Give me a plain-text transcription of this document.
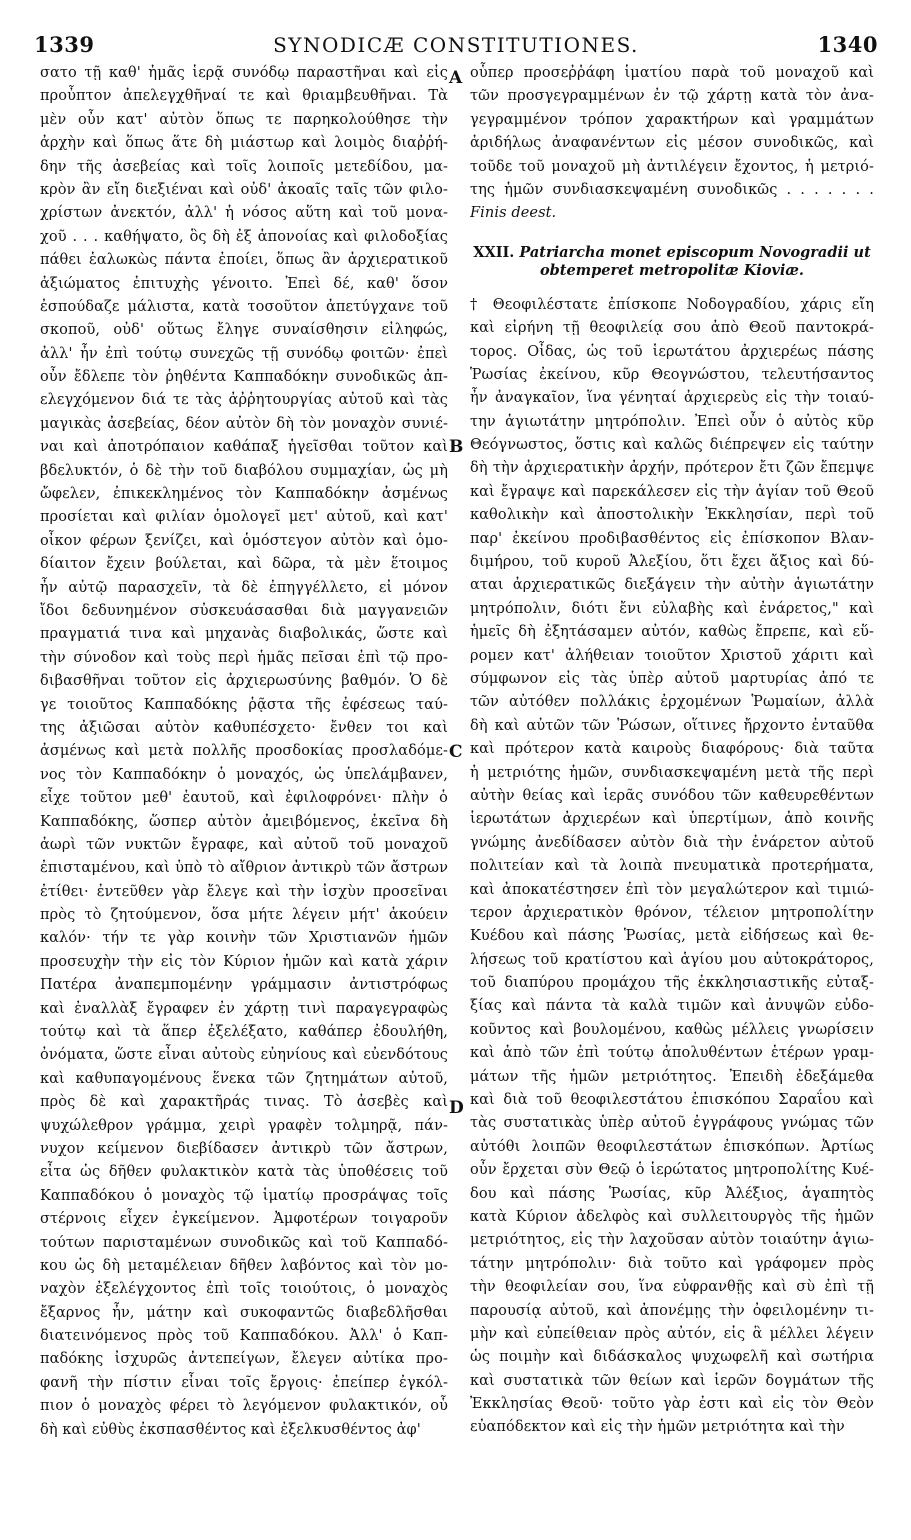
1339	SYNODICÆ CONSTITUTIONES.	1340
σατο τῇ καθ' ἡμᾶς ἱερᾷ συνόδῳ παραστῆναι καὶ εἰς
προὖπτον ἀπελεγχθῆναί τε καὶ θριαμβευθῆναι. Τὰ
μὲν οὖν κατ' αὐτὸν ὅπως τε παρηκολούθησε τὴν
ἀρχὴν καὶ ὅπως ἅτε δὴ μιάστωρ καὶ λοιμὸς διαῤῥή-
δην τῆς ἀσεβείας καὶ τοῖς λοιποῖς μετεδίδου, μα-
κρὸν ἂν εἴη διεξιέναι καὶ οὐδ' ἀκοαῖς ταῖς τῶν φιλο-
χρίστων ἀνεκτόν, ἀλλ' ἡ νόσος αὕτη καὶ τοῦ μονα-
χοῦ . . . καθήψατο, ὃς δὴ ἐξ ἀπονοίας καὶ φιλοδοξίας
πάθει ἑαλωκὼς πάντα ἐποίει, ὅπως ἂν ἀρχιερατικοῦ
ἀξιώματος ἐπιτυχὴς γένοιτο. Ἐπεὶ δέ, καθ' ὅσον
ἐσπούδαζε μάλιστα, κατὰ τοσοῦτον ἀπετύγχανε τοῦ
σκοποῦ, οὐδ' οὕτως ἔληγε συναίσθησιν εἰληφώς,
ἀλλ' ἦν ἐπὶ τούτῳ συνεχῶς τῇ συνόδῳ φοιτῶν· ἐπεὶ
οὖν ἔδλεπε τὸν ῥηθέντα Καππαδόκην συνοδικῶς ἀπ-
ελεγχόμενον διά τε τὰς ἀῤῥητουργίας αὐτοῦ καὶ τὰς
μαγικὰς ἀσεβείας, δέον αὐτὸν δὴ τὸν μοναχὸν συνιέ-
ναι καὶ ἀποτρόπαιον καθάπαξ ἡγεῖσθαι τοῦτον καὶ
βδελυκτόν, ὁ δὲ τὴν τοῦ διαβόλου συμμαχίαν, ὡς μὴ
ὤφελεν, ἐπικεκλημένος τὸν Καππαδόκην ἀσμένως
προσίεται καὶ φιλίαν ὁμολογεῖ μετ' αὐτοῦ, καὶ κατ'
οἶκον φέρων ξενίζει, καὶ ὁμόστεγον αὐτὸν καὶ ὁμο-
δίαιτον ἔχειν βούλεται, καὶ δῶρα, τὰ μὲν ἕτοιμος
ἦν αὐτῷ παρασχεῖν, τὰ δὲ ἐπηγγέλλετο, εἰ μόνον
ἴδοι δεδυνημένον σὐσκευάσασθαι διὰ μαγγανειῶν
πραγματιά τινα καὶ μηχανὰς διαβολικάς, ὥστε καὶ
τὴν σύνοδον καὶ τοὺς περὶ ἡμᾶς πεῖσαι ἐπὶ τῷ προ-
διβασθῆναι τοῦτον εἰς ἀρχιερωσύνης βαθμόν. Ὁ δὲ
γε τοιοῦτος Καππαδόκης ῥᾷστα τῆς ἐφέσεως ταύ-
της ἀξιῶσαι αὐτὸν καθυπέσχετο· ἔνθεν τοι καὶ
ἀσμένως καὶ μετὰ πολλῆς προσδοκίας προσλαδόμε-
νος τὸν Καππαδόκην ὁ μοναχός, ὡς ὑπελάμβανεν,
εἶχε τοῦτον μεθ' ἑαυτοῦ, καὶ ἐφιλοφρόνει· πλὴν ὁ
Καππαδόκης, ὥσπερ αὐτὸν ἀμειβόμενος, ἐκεῖνα δὴ
ἀωρὶ τῶν νυκτῶν ἔγραφε, καὶ αὐτοῦ τοῦ μοναχοῦ
ἐπισταμένου, καὶ ὑπὸ τὸ αἴθριον ἀντικρὺ τῶν ἄστρων
ἐτίθει· ἐντεῦθεν γὰρ ἔλεγε καὶ τὴν ἰσχὺν προσεῖναι
πρὸς τὸ ζητούμενον, ὅσα μήτε λέγειν μήτ' ἀκούειν
καλόν· τήν τε γὰρ κοινὴν τῶν Χριστιανῶν ἡμῶν
προσευχὴν τὴν εἰς τὸν Κύριον ἡμῶν καὶ κατὰ χάριν
Πατέρα ἀναπεμπομένην γράμμασιν ἀντιστρόφως
καὶ ἐναλλὰξ ἔγραφεν ἐν χάρτῃ τινὶ παραγεγραφὼς
τούτῳ καὶ τὰ ἅπερ ἐξελέξατο, καθάπερ ἐδουλήθη,
ὀνόματα, ὥστε εἶναι αὐτοὺς εὐηνίους καὶ εὐενδότους
καὶ καθυπαγομένους ἕνεκα τῶν ζητημάτων αὐτοῦ,
πρὸς δὲ καὶ χαρακτῆράς τινας. Τὸ ἀσεβὲς καὶ
ψυχώλεθρον γράμμα, χειρὶ γραφὲν τολμηρᾷ, πάν-
νυχον κείμενον διεβίδασεν ἀντικρὺ τῶν ἄστρων,
εἶτα ὡς δῆθεν φυλακτικὸν κατὰ τὰς ὑποθέσεις τοῦ
Καππαδόκου ὁ μοναχὸς τῷ ἱματίῳ προσράψας τοῖς
στέρνοις εἶχεν ἐγκείμενον. Ἀμφοτέρων τοιγαροῦν
τούτων παρισταμένων συνοδικῶς καὶ τοῦ Καππαδό-
κου ὡς δὴ μεταμέλειαν δῆθεν λαβόντος καὶ τὸν μο-
ναχὸν ἐξελέγχοντος ἐπὶ τοῖς τοιούτοις, ὁ μοναχὸς
ἔξαρνος ἦν, μάτην καὶ συκοφαντῶς διαβεδλῆσθαι
διατεινόμενος πρὸς τοῦ Καππαδόκου. Ἀλλ' ὁ Καπ-
παδόκης ἰσχυρῶς ἀντεπείγων, ἔλεγεν αὐτίκα προ-
φανῆ τὴν πίστιν εἶναι τοῖς ἔργοις· ἐπείπερ ἐγκόλ-
πιον ὁ μοναχὸς φέρει τὸ λεγόμενον φυλακτικόν, οὗ
δὴ καὶ εὐθὺς ἐκσπασθέντος καὶ ἐξελκυσθέντος ἀφ'
οὗπερ προσεῤῥάφη ἱματίου παρὰ τοῦ μοναχοῦ καὶ
τῶν προσγεγραμμένων ἐν τῷ χάρτῃ κατὰ τὸν ἀνα-
γεγραμμένον τρόπον χαρακτήρων καὶ γραμμάτων
ἀριδήλως ἀναφανέντων εἰς μέσον συνοδικῶς, καὶ
τοῦδε τοῦ μοναχοῦ μὴ ἀντιλέγειν ἔχοντος, ἡ μετριό-
της ἡμῶν συνδιασκεψαμένη συνοδικῶς . . . . . . .
Finis deest.
XXII. Patriarcha monet episcopum Novogradii ut
obtemperet metropolitæ Kioviæ.
† Θεοφιλέστατε ἐπίσκοπε Νοδογραδίου, χάρις εἴη
καὶ εἰρήνη τῇ θεοφιλείᾳ σου ἀπὸ Θεοῦ παντοκρά-
τορος. Οἶδας, ὡς τοῦ ἱερωτάτου ἀρχιερέως πάσης
Ῥωσίας ἐκείνου, κῦρ Θεογνώστου, τελευτήσαντος
ἦν ἀναγκαῖον, ἵνα γένηταί ἀρχιερεὺς εἰς τὴν τοιαύ-
την ἁγιωτάτην μητρόπολιν. Ἐπεὶ οὖν ὁ αὐτὸς κῦρ
Θεόγνωστος, ὅστις καὶ καλῶς διέπρεψεν εἰς ταύτην
δὴ τὴν ἀρχιερατικὴν ἀρχήν, πρότερον ἔτι ζῶν ἔπεμψε
καὶ ἔγραψε καὶ παρεκάλεσεν εἰς τὴν ἁγίαν τοῦ Θεοῦ
καθολικὴν καὶ ἀποστολικὴν Ἐκκλησίαν, περὶ τοῦ
παρ' ἐκείνου προδιβασθέντος εἰς ἐπίσκοπον Βλαν-
διμήρου, τοῦ κυροῦ Ἀλεξίου, ὅτι ἔχει ἄξιος καὶ δύ-
αται ἀρχιερατικῶς διεξάγειν τὴν αὐτὴν ἁγιωτάτην
μητρόπολιν, διότι ἔνι εὐλαβὴς καὶ ἐνάρετος," καὶ
ἡμεῖς δὴ ἐξητάσαμεν αὐτόν, καθὼς ἔπρεπε, καὶ εὕ-
ρομεν κατ' ἀλήθειαν τοιοῦτον Χριστοῦ χάριτι καὶ
σύμφωνον εἰς τὰς ὑπὲρ αὐτοῦ μαρτυρίας ἀπό τε
τῶν αὐτόθεν πολλάκις ἐρχομένων Ῥωμαίων, ἀλλὰ
δὴ καὶ αὐτῶν τῶν Ῥώσων, οἵτινες ἤρχοντο ἐνταῦθα
καὶ πρότερον κατὰ καιροὺς διαφόρους· διὰ ταῦτα
ἡ μετριότης ἡμῶν, συνδιασκεψαμένη μετὰ τῆς περὶ
αὐτὴν θείας καὶ ἱερᾶς συνόδου τῶν καθευρεθέντων
ἱερωτάτων ἀρχιερέων καὶ ὑπερτίμων, ἀπὸ κοινῆς
γνώμης ἀνεδίδασεν αὐτὸν διὰ τὴν ἐνάρετον αὐτοῦ
πολιτείαν καὶ τὰ λοιπὰ πνευματικὰ προτερήματα,
καὶ ἀποκατέστησεν ἐπὶ τὸν μεγαλώτερον καὶ τιμιώ-
τερον ἀρχιερατικὸν θρόνον, τέλειον μητροπολίτην
Κυέδου καὶ πάσης Ῥωσίας, μετὰ εἰδήσεως καὶ θε-
λήσεως τοῦ κρατίστου καὶ ἁγίου μου αὐτοκράτορος,
τοῦ διαπύρου προμάχου τῆς ἐκκλησιαστικῆς εὐταξ-
ξίας καὶ πάντα τὰ καλὰ τιμῶν καὶ ἀνυψῶν εὐδο-
κοῦντος καὶ βουλομένου, καθὼς μέλλεις γνωρίσειν
καὶ ἀπὸ τῶν ἐπὶ τούτῳ ἀπολυθέντων ἑτέρων γραμ-
μάτων τῆς ἡμῶν μετριότητος. Ἐπειδὴ ἐδεξάμεθα
καὶ διὰ τοῦ θεοφιλεστάτου ἐπισκόπου Σαραΐου καὶ
τὰς συστατικὰς ὑπὲρ αὐτοῦ ἐγγράφους γνώμας τῶν
αὐτόθι λοιπῶν θεοφιλεστάτων ἐπισκόπων. Ἀρτίως
οὖν ἔρχεται σὺν Θεῷ ὁ ἱερώτατος μητροπολίτης Κυέ-
δου καὶ πάσης Ῥωσίας, κῦρ Ἀλέξιος, ἀγαπητὸς
κατὰ Κύριον ἀδελφὸς καὶ συλλειτουργὸς τῆς ἡμῶν
μετριότητος, εἰς τὴν λαχοῦσαν αὐτὸν τοιαύτην ἁγιω-
τάτην μητρόπολιν· διὰ τοῦτο καὶ γράφομεν πρὸς
τὴν θεοφιλείαν σου, ἵνα εὐφρανθῇς καὶ σὺ ἐπὶ τῇ
παρουσίᾳ αὐτοῦ, καὶ ἀπονέμῃς τὴν ὀφειλομένην τι-
μὴν καὶ εὐπείθειαν πρὸς αὐτόν, εἰς ἃ μέλλει λέγειν
ὡς ποιμὴν καὶ διδάσκαλος ψυχωφελῆ καὶ σωτήρια
καὶ συστατικὰ τῶν θείων καὶ ἱερῶν δογμάτων τῆς
Ἐκκλησίας Θεοῦ· τοῦτο γὰρ ἐστι καὶ εἰς τὸν Θεὸν
εὐαπόδεκτον καὶ εἰς τὴν ἡμῶν μετριότητα καὶ τὴν
A
B
C
D
